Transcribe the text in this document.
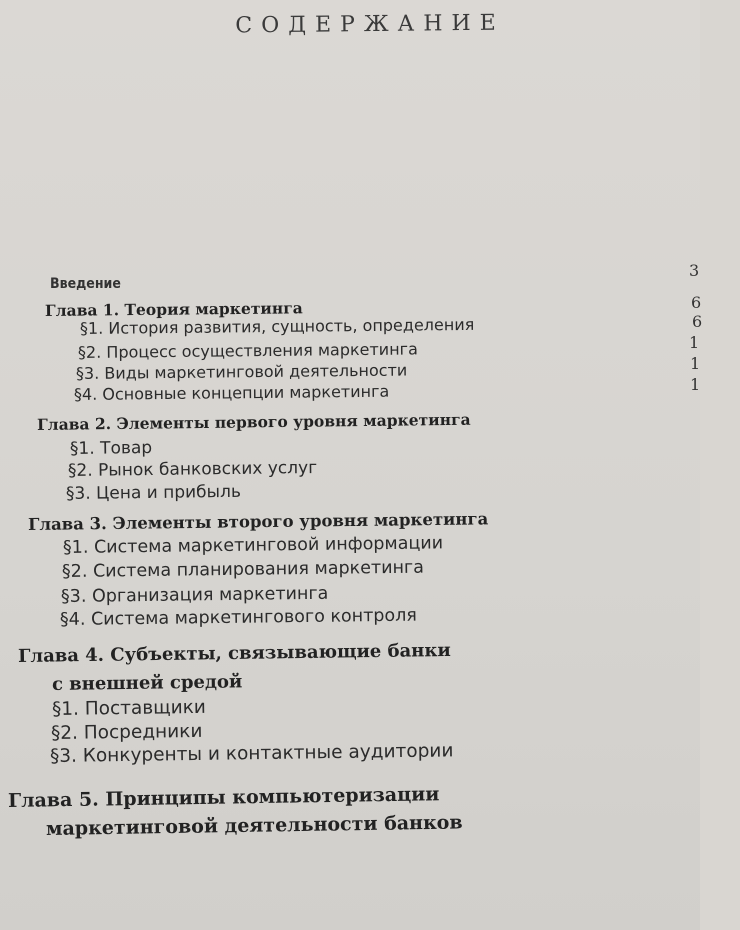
СОДЕРЖАНИЕ
Введение
Глава 1. Теория маркетинга
§1. История развития, сущность, определения
§2. Процесс осуществления маркетинга
§3. Виды маркетинговой деятельности
§4. Основные концепции маркетинга
Глава 2. Элементы первого уровня маркетинга
§1. Товар
§2. Рынок банковских услуг
§3. Цена и прибыль
Глава 3. Элементы второго уровня маркетинга
§1. Система маркетинговой информации
§2. Система планирования маркетинга
§3. Организация маркетинга
§4. Система маркетингового контроля
Глава 4. Субъекты, связывающие банки
с внешней средой
§1. Поставщики
§2. Посредники
§3. Конкуренты и контактные аудитории
Глава 5. Принципы компьютеризации
маркетинговой деятельности банков
3
6
6
1
1
1
